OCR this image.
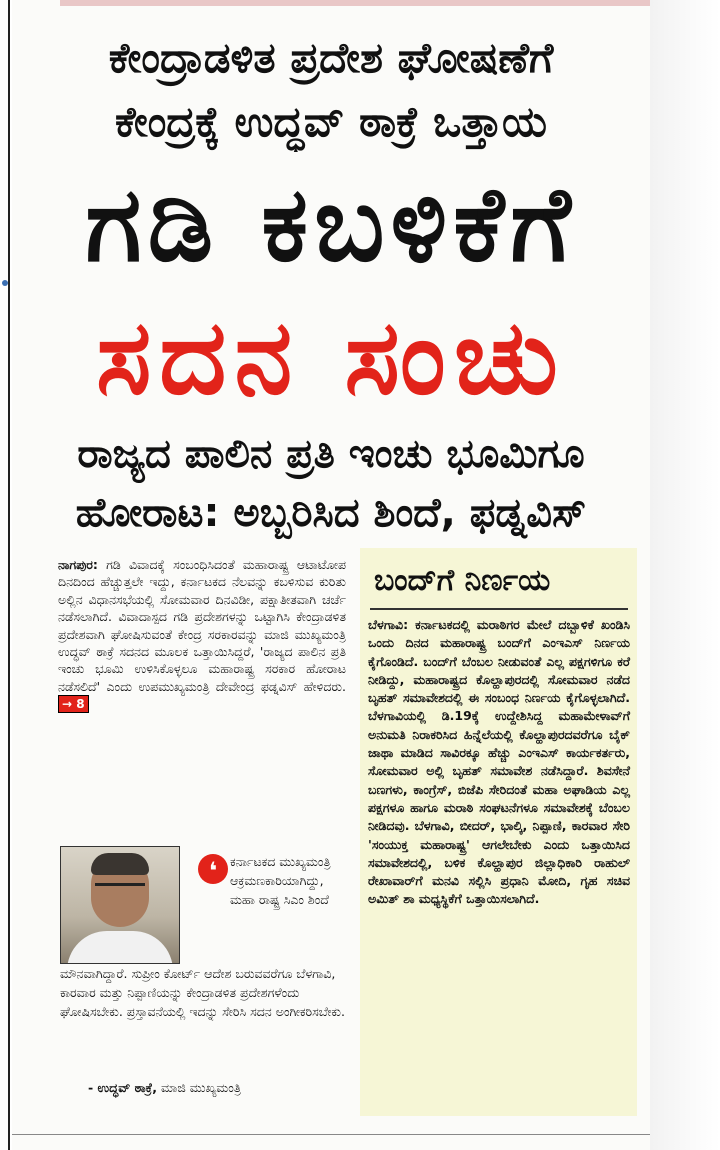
ಕೇಂದ್ರಾಡಳಿತ ಪ್ರದೇಶ ಘೋಷಣೆಗೆ
ಕೇಂದ್ರಕ್ಕೆ ಉದ್ಧವ್ ಠಾಕ್ರೆ ಒತ್ತಾಯ
ಗಡಿ ಕಬಳಿಕೆಗೆ
ಸದನ ಸಂಚು
ರಾಜ್ಯದ ಪಾಲಿನ ಪ್ರತಿ ಇಂಚು ಭೂಮಿಗೂ
ಹೋರಾಟ: ಅಬ್ಬರಿಸಿದ ಶಿಂದೆ, ಫಡ್ನವಿಸ್
ನಾಗಪುರ: ಗಡಿ ವಿವಾದಕ್ಕೆ ಸಂಬಂಧಿಸಿದಂತೆ ಮಹಾರಾಷ್ಟ್ರ ಆಟಾಟೋಪ ದಿನದಿಂದ ಹೆಚ್ಚುತ್ತಲೇ ಇದ್ದು, ಕರ್ನಾಟಕದ ನೆಲವನ್ನು ಕಬಳಿಸುವ ಕುರಿತು ಅಲ್ಲಿನ ವಿಧಾನಸಭೆಯಲ್ಲಿ ಸೋಮವಾರ ದಿನವಿಡೀ, ಪಕ್ಷಾತೀತವಾಗಿ ಚರ್ಚೆ ನಡೆಸಲಾಗಿದೆ. ವಿವಾದಾಸ್ಪದ ಗಡಿ ಪ್ರದೇಶಗಳನ್ನು ಒಟ್ಟಾಗಿಸಿ ಕೇಂದ್ರಾಡಳಿತ ಪ್ರದೇಶವಾಗಿ ಘೋಷಿಸುವಂತೆ ಕೇಂದ್ರ ಸರಕಾರವನ್ನು ಮಾಜಿ ಮುಖ್ಯಮಂತ್ರಿ ಉದ್ಧವ್ ಠಾಕ್ರೆ ಸದನದ ಮೂಲಕ ಒತ್ತಾಯಿಸಿದ್ದರೆ, 'ರಾಜ್ಯದ ಪಾಲಿನ ಪ್ರತಿ ಇಂಚು ಭೂಮಿ ಉಳಿಸಿಕೊಳ್ಳಲೂ ಮಹಾರಾಷ್ಟ್ರ ಸರಕಾರ ಹೋರಾಟ ನಡೆಸಲಿದೆ' ಎಂದು ಉಪಮುಖ್ಯಮಂತ್ರಿ ದೇವೇಂದ್ರ ಫಡ್ನವಿಸ್ ಹೇಳಿದರು. → 8
❛	ಕರ್ನಾಟಕದ ಮುಖ್ಯಮಂತ್ರಿ ಆಕ್ರಮಣಕಾರಿಯಾಗಿದ್ದು, ಮಹಾ ರಾಷ್ಟ್ರ ಸಿಎಂ ಶಿಂದೆ
ಮೌನವಾಗಿದ್ದಾರೆ. ಸುಪ್ರೀಂ ಕೋರ್ಟ್ ಆದೇಶ ಬರುವವರೆಗೂ ಬೆಳಗಾವಿ, ಕಾರವಾರ ಮತ್ತು ನಿಪ್ಪಾಣಿಯನ್ನು ಕೇಂದ್ರಾಡಳಿತ ಪ್ರದೇಶಗಳೆಂದು ಘೋಷಿಸಬೇಕು. ಪ್ರಸ್ತಾವನೆಯಲ್ಲಿ ಇದನ್ನು ಸೇರಿಸಿ ಸದನ ಅಂಗೀಕರಿಸಬೇಕು.
- ಉದ್ಧವ್ ಠಾಕ್ರೆ, ಮಾಜಿ ಮುಖ್ಯಮಂತ್ರಿ
ಬಂದ್‌ಗೆ ನಿರ್ಣಯ
ಬೆಳಗಾವಿ: ಕರ್ನಾಟಕದಲ್ಲಿ ಮರಾಠಿಗರ ಮೇಲೆ ದಬ್ಬಾಳಿಕೆ ಖಂಡಿಸಿ ಒಂದು ದಿನದ ಮಹಾರಾಷ್ಟ್ರ ಬಂದ್‌ಗೆ ಎಂಇಎಸ್ ನಿರ್ಣಯ ಕೈಗೊಂಡಿದೆ. ಬಂದ್‌ಗೆ ಬೆಂಬಲ ನೀಡುವಂತೆ ಎಲ್ಲ ಪಕ್ಷಗಳಿಗೂ ಕರೆ ನೀಡಿದ್ದು, ಮಹಾರಾಷ್ಟ್ರದ ಕೊಲ್ಹಾಪುರದಲ್ಲಿ ಸೋಮವಾರ ನಡೆದ ಬೃಹತ್ ಸಮಾವೇಶದಲ್ಲಿ ಈ ಸಂಬಂಧ ನಿರ್ಣಯ ಕೈಗೊಳ್ಳಲಾಗಿದೆ. ಬೆಳಗಾವಿಯಲ್ಲಿ ಡಿ.19ಕ್ಕೆ ಉದ್ದೇಶಿಸಿದ್ದ ಮಹಾಮೇಳಾವ್‌ಗೆ ಅನುಮತಿ ನಿರಾಕರಿಸಿದ ಹಿನ್ನೆಲೆಯಲ್ಲಿ ಕೊಲ್ಹಾಪುರದವರೆಗೂ ಬೈಕ್ ಜಾಥಾ ಮಾಡಿದ ಸಾವಿರಕ್ಕೂ ಹೆಚ್ಚು ಎಂಇಎಸ್ ಕಾರ್ಯಕರ್ತರು, ಸೋಮವಾರ ಅಲ್ಲಿ ಬೃಹತ್ ಸಮಾವೇಶ ನಡೆಸಿದ್ದಾರೆ. ಶಿವಸೇನೆ ಬಣಗಳು, ಕಾಂಗ್ರೆಸ್, ಬಿಜೆಪಿ ಸೇರಿದಂತೆ ಮಹಾ ಅಘಾಡಿಯ ಎಲ್ಲ ಪಕ್ಷಗಳೂ ಹಾಗೂ ಮರಾಠಿ ಸಂಘಟನೆಗಳೂ ಸಮಾವೇಶಕ್ಕೆ ಬೆಂಬಲ ನೀಡಿದವು. ಬೆಳಗಾವಿ, ಬೀದರ್, ಭಾಲ್ಕಿ, ನಿಪ್ಪಾಣಿ, ಕಾರವಾರ ಸೇರಿ 'ಸಂಯುಕ್ತ ಮಹಾರಾಷ್ಟ್ರ' ಆಗಲೇಬೇಕು ಎಂದು ಒತ್ತಾಯಿಸಿದ ಸಮಾವೇಶದಲ್ಲಿ, ಬಳಿಕ ಕೊಲ್ಹಾಪುರ ಜಿಲ್ಲಾಧಿಕಾರಿ ರಾಹುಲ್ ರೇಖಾವಾರ್‌ಗೆ ಮನವಿ ಸಲ್ಲಿಸಿ ಪ್ರಧಾನಿ ಮೋದಿ, ಗೃಹ ಸಚಿವ ಅಮಿತ್ ಶಾ ಮಧ್ಯಸ್ಥಿಕೆಗೆ ಒತ್ತಾಯಿಸಲಾಗಿದೆ.
